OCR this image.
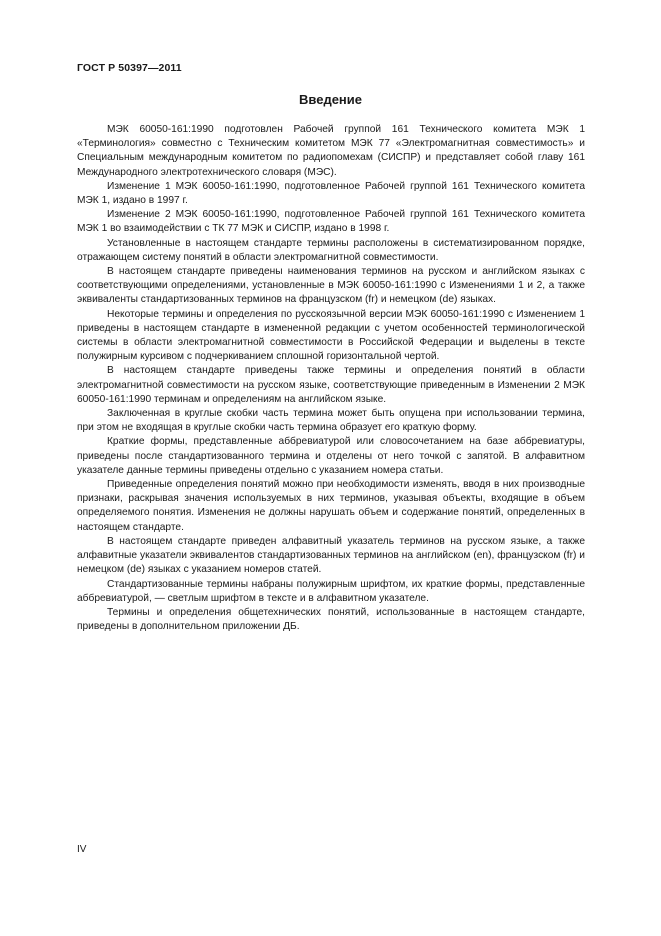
ГОСТ Р 50397—2011
Введение

МЭК 60050-161:1990 подготовлен Рабочей группой 161 Технического комитета МЭК 1 «Терминология» совместно с Техническим комитетом МЭК 77 «Электромагнитная совместимость» и Специальным международным комитетом по радиопомехам (СИСПР) и представляет собой главу 161 Международного электротехнического словаря (МЭС).

Изменение 1 МЭК 60050-161:1990, подготовленное Рабочей группой 161 Технического комитета МЭК 1, издано в 1997 г.

Изменение 2 МЭК 60050-161:1990, подготовленное Рабочей группой 161 Технического комитета МЭК 1 во взаимодействии с ТК 77 МЭК и СИСПР, издано в 1998 г.

Установленные в настоящем стандарте термины расположены в систематизированном порядке, отражающем систему понятий в области электромагнитной совместимости.

В настоящем стандарте приведены наименования терминов на русском и английском языках с соответствующими определениями, установленные в МЭК 60050-161:1990 с Изменениями 1 и 2, а также эквиваленты стандартизованных терминов на французском (fr) и немецком (de) языках.

Некоторые термины и определения по русскоязычной версии МЭК 60050-161:1990 с Изменением 1 приведены в настоящем стандарте в измененной редакции с учетом особенностей терминологической системы в области электромагнитной совместимости в Российской Федерации и выделены в тексте полужирным курсивом с подчеркиванием сплошной горизонтальной чертой.

В настоящем стандарте приведены также термины и определения понятий в области электромагнитной совместимости на русском языке, соответствующие приведенным в Изменении 2 МЭК 60050-161:1990 терминам и определениям на английском языке.

Заключенная в круглые скобки часть термина может быть опущена при использовании термина, при этом не входящая в круглые скобки часть термина образует его краткую форму.

Краткие формы, представленные аббревиатурой или словосочетанием на базе аббревиатуры, приведены после стандартизованного термина и отделены от него точкой с запятой. В алфавитном указателе данные термины приведены отдельно с указанием номера статьи.

Приведенные определения понятий можно при необходимости изменять, вводя в них производные признаки, раскрывая значения используемых в них терминов, указывая объекты, входящие в объем определяемого понятия. Изменения не должны нарушать объем и содержание понятий, определенных в настоящем стандарте.

В настоящем стандарте приведен алфавитный указатель терминов на русском языке, а также алфавитные указатели эквивалентов стандартизованных терминов на английском (en), французском (fr) и немецком (de) языках с указанием номеров статей.

Стандартизованные термины набраны полужирным шрифтом, их краткие формы, представленные аббревиатурой, — светлым шрифтом в тексте и в алфавитном указателе.

Термины и определения общетехнических понятий, использованные в настоящем стандарте, приведены в дополнительном приложении ДБ.

IV
